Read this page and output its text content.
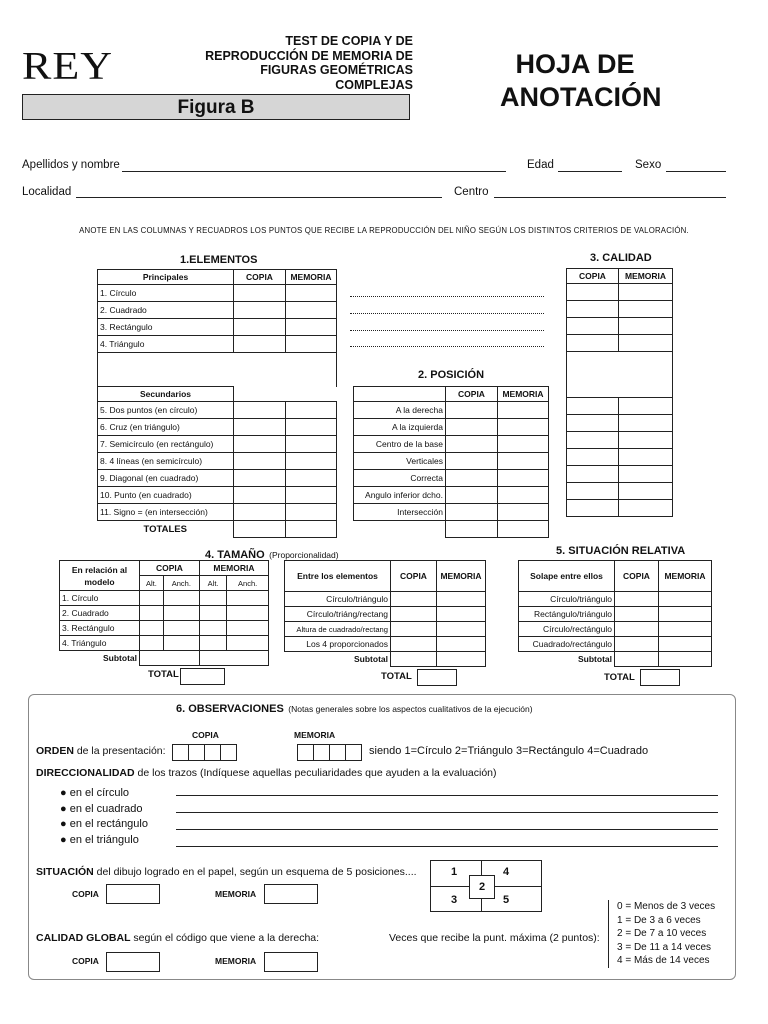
REY
TEST DE COPIA Y DE
REPRODUCCIÓN DE MEMORIA DE
FIGURAS GEOMÉTRICAS COMPLEJAS
Figura B
HOJA DE
ANOTACIÓN
Apellidos y nombre	Edad	Sexo
Localidad	Centro
ANOTE EN LAS COLUMNAS Y RECUADROS LOS PUNTOS QUE RECIBE LA REPRODUCCIÓN DEL NIÑO SEGÚN LOS DISTINTOS CRITERIOS DE VALORACIÓN.
1.ELEMENTOS
Principales	COPIA	MEMORIA
1. Círculo		
2. Cuadrado		
3. Rectángulo		
4. Triángulo		

Secundarios		
5. Dos puntos (en círculo)		
6. Cruz (en triángulo)		
7. Semicírculo (en rectángulo)		
8. 4 líneas (en semicírculo)		
9. Diagonal (en cuadrado)		
10. Punto (en cuadrado)		
11. Signo = (en intersección)		
TOTALES		
3. CALIDAD
COPIA	MEMORIA

2. POSICIÓN
	COPIA	MEMORIA
A la derecha		
A la izquierda		
Centro de la base		
Verticales		
Correcta		
Angulo inferior dcho.		
Intersección		

4. TAMAÑO (Proporcionalidad)
En relación al modelo	COPIA		MEMORIA	
	Alt.	Anch.	Alt.	Anch.
1. Círculo				
2. Cuadrado				
3. Rectángulo				
4. Triángulo				
Subtotal				
TOTAL
Entre los elementos	COPIA	MEMORIA
Círculo/triángulo		
Círculo/triáng/rectang		
Altura de cuadrado/rectang		
Los 4 proporcionados		
Subtotal		
TOTAL
5. SITUACIÓN RELATIVA
Solape entre ellos	COPIA	MEMORIA
Círculo/triángulo		
Rectángulo/triángulo		
Círculo/rectángulo		
Cuadrado/rectángulo		
Subtotal		
TOTAL
6. OBSERVACIONES (Notas generales sobre los aspectos cualitativos de la ejecución)
COPIA	MEMORIA
ORDEN de la presentación:	siendo 1=Círculo 2=Triángulo 3=Rectángulo 4=Cuadrado
DIRECCIONALIDAD de los trazos (Indíquese aquellas peculiaridades que ayuden a la evaluación)
● en el círculo
● en el cuadrado
● en el rectángulo
● en el triángulo
SITUACIÓN del dibujo logrado en el papel, según un esquema de 5 posiciones....
COPIA	MEMORIA
2
1	4
3	5
CALIDAD GLOBAL según el código que viene a la derecha:	Veces que recibe la punt. máxima (2 puntos):
COPIA	MEMORIA
0 = Menos de 3 veces
1 = De 3 a 6 veces
2 = De 7 a 10 veces
3 = De 11 a 14 veces
4 = Más de 14 veces
